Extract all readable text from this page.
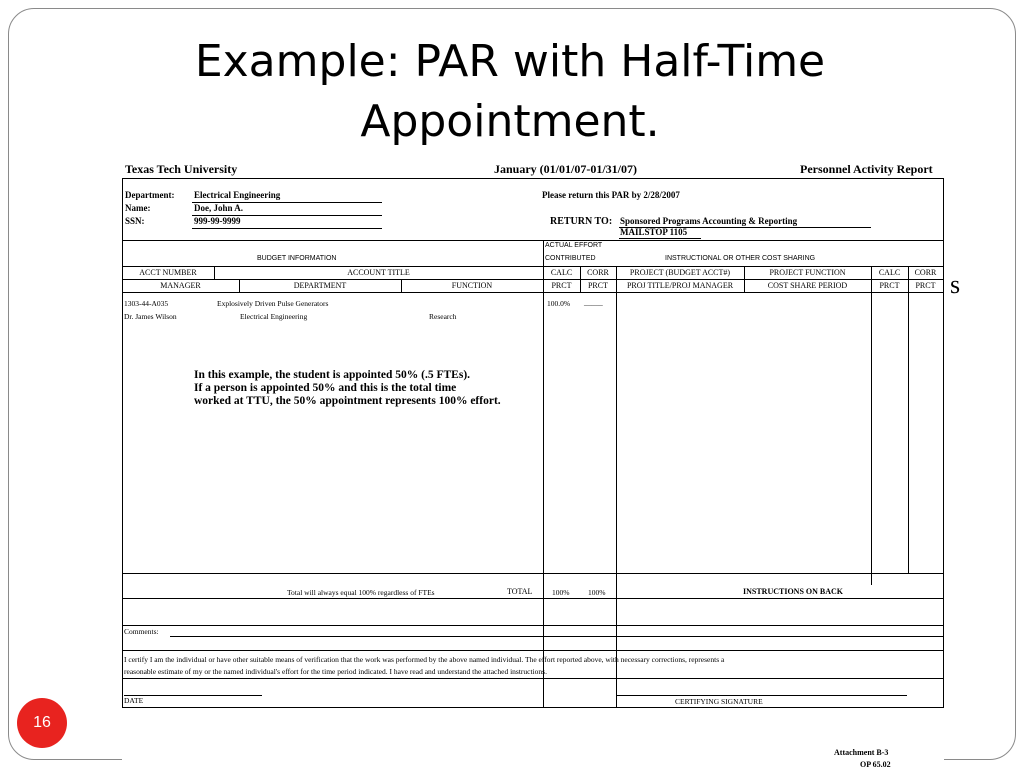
Example: PAR with Half-Time
Appointment.
s
Texas Tech University	January (01/01/07-01/31/07)	Personnel Activity Report
Department: Electrical Engineering
Name:	Doe, John A.
SSN:	999-99-9999
Please return this PAR by 2/28/2007
RETURN TO: Sponsored Programs Accounting & Reporting
MAILSTOP 1105
BUDGET INFORMATION
ACTUAL EFFORT
CONTRIBUTED	INSTRUCTIONAL OR OTHER COST SHARING
ACCT NUMBER	ACCOUNT TITLE	CALC	CORR	PROJECT (BUDGET ACCT#)	PROJECT FUNCTION	CALC	CORR
MANAGER	DEPARTMENT	FUNCTION	PRCT	PRCT	PROJ TITLE/PROJ MANAGER	COST SHARE PERIOD	PRCT	PRCT
1303-44-A035	Explosively Driven Pulse Generators	100.0% _____
Dr. James Wilson	Electrical Engineering	Research
In this example, the student is appointed 50% (.5 FTEs).
If a person is appointed 50% and this is the total time
worked at TTU, the 50% appointment represents 100% effort.
Total will always equal 100% regardless of FTEs	TOTAL	100% 100%	INSTRUCTIONS ON BACK
Comments:
I certify I am the individual or have other suitable means of verification that the work was performed by the above named individual. The effort reported above, with necessary corrections, represents a
reasonable estimate of my or the named individual's effort for the time period indicated. I have read and understand the attached instructions.
DATE	CERTIFYING SIGNATURE
Attachment B-3
OP 65.02
16
